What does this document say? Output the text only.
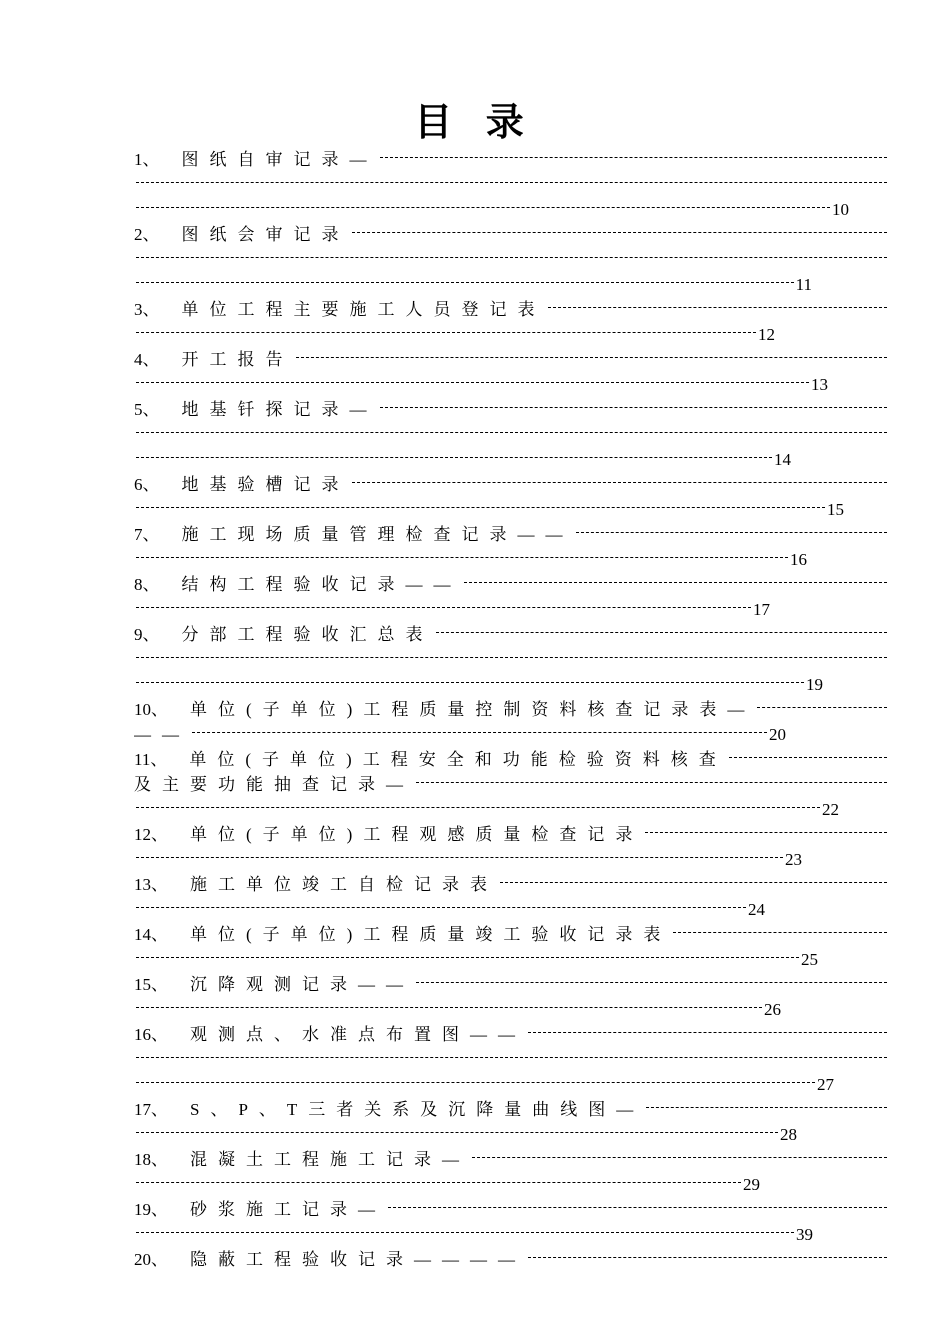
目 录
1、 图纸自审记录—
10
2、 图纸会审记录
11
3、 单位工程主要施工人员登记表
12
4、 开工报告
13
5、 地基钎探记录—
14
6、 地基验槽记录
15
7、 施工现场质量管理检查记录——
16
8、 结构工程验收记录——
17
9、 分部工程验收汇总表
19
10、 单位(子单位)工程质量控制资料核查记录表—
——	20
11、 单位(子单位)工程安全和功能检验资料核查
及主要功能抽查记录—
22
12、 单位(子单位)工程观感质量检查记录
23
13、 施工单位竣工自检记录表
24
14、 单位(子单位)工程质量竣工验收记录表
25
15、 沉降观测记录——
26
16、 观测点、水准点布置图——
27
17、 S、P、T三者关系及沉降量曲线图—
28
18、 混凝土工程施工记录—
29
19、 砂浆施工记录—
39
20、 隐蔽工程验收记录————
